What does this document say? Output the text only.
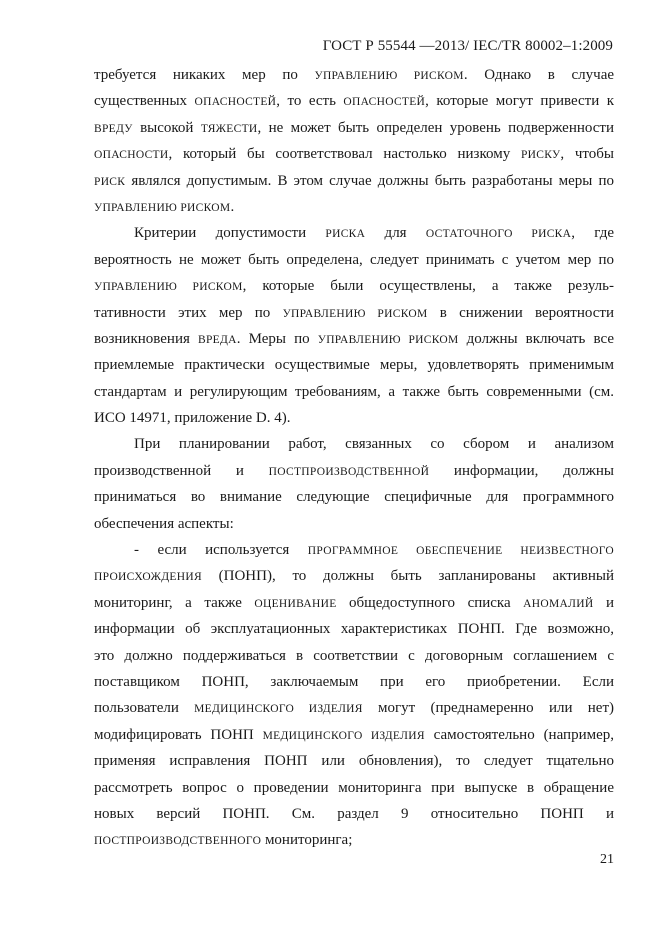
ГОСТ Р 55544 —2013/ IEC/TR 80002–1:2009
требуется никаких мер по УПРАВЛЕНИЮ РИСКОМ. Однако в случае
существенных ОПАСНОСТЕЙ, то есть ОПАСНОСТЕЙ, которые могут привести к
ВРЕДУ высокой ТЯЖЕСТИ, не может быть определен уровень подверженности
ОПАСНОСТИ, который бы соответствовал настолько низкому РИСКУ, чтобы
РИСК являлся допустимым. В этом случае должны быть разработаны меры по
УПРАВЛЕНИЮ РИСКОМ.
Критерии допустимости РИСКА для ОСТАТОЧНОГО РИСКА, где
вероятность не может быть определена, следует принимать с учетом мер по
УПРАВЛЕНИЮ РИСКОМ, которые были осуществлены, а также резуль-
тативности этих мер по УПРАВЛЕНИЮ РИСКОМ в снижении вероятности
возникновения ВРЕДА. Меры по УПРАВЛЕНИЮ РИСКОМ должны включать все
приемлемые практически осуществимые меры, удовлетворять применимым
стандартам и регулирующим требованиям, а также быть современными (см.
ИСО 14971, приложение D. 4).
При планировании работ, связанных со сбором и анализом
производственной и ПОСТПРОИЗВОДСТВЕННОЙ информации, должны
приниматься во внимание следующие специфичные для программного
обеспечения аспекты:
- если используется ПРОГРАММНОЕ ОБЕСПЕЧЕНИЕ НЕИЗВЕСТНОГО
ПРОИСХОЖДЕНИЯ (ПОНП), то должны быть запланированы активный
мониторинг, а также ОЦЕНИВАНИЕ общедоступного списка АНОМАЛИЙ и
информации об эксплуатационных характеристиках ПОНП. Где возможно,
это должно поддерживаться в соответствии с договорным соглашением с
поставщиком ПОНП, заключаемым при его приобретении. Если
пользователи МЕДИЦИНСКОГО ИЗДЕЛИЯ могут (преднамеренно или нет)
модифицировать ПОНП МЕДИЦИНСКОГО ИЗДЕЛИЯ самостоятельно (например,
применяя исправления ПОНП или обновления), то следует тщательно
рассмотреть вопрос о проведении мониторинга при выпуске в обращение
новых версий ПОНП. См. раздел 9 относительно ПОНП и
ПОСТПРОИЗВОДСТВЕННОГО мониторинга;
21
